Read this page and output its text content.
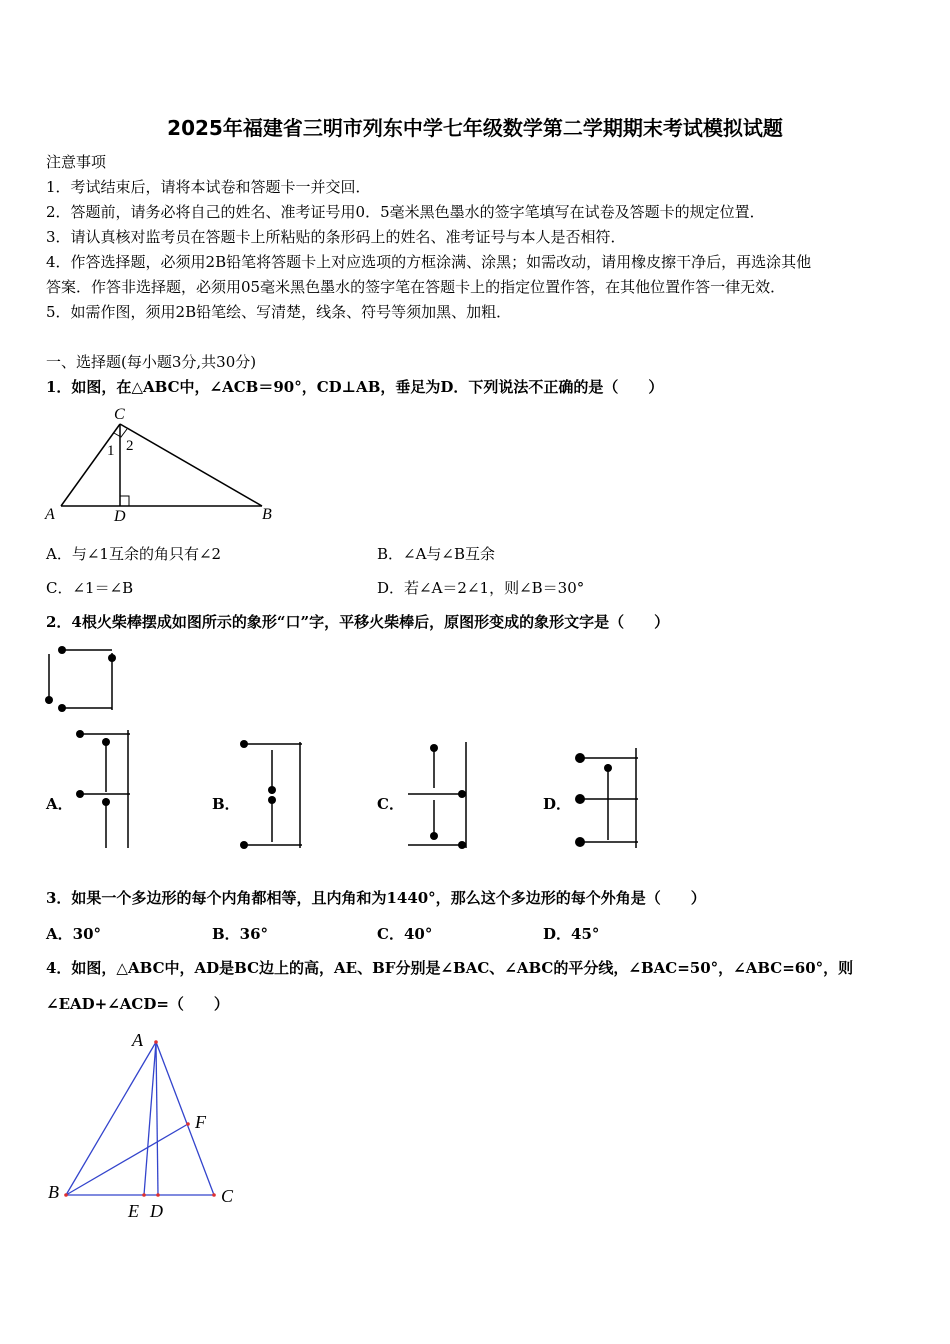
2025年福建省三明市列东中学七年级数学第二学期期末考试模拟试题
注意事项
1．考试结束后，请将本试卷和答题卡一并交回．
2．答题前，请务必将自己的姓名、准考证号用0．5毫米黑色墨水的签字笔填写在试卷及答题卡的规定位置．
3．请认真核对监考员在答题卡上所粘贴的条形码上的姓名、准考证号与本人是否相符．
4．作答选择题，必须用2B铅笔将答题卡上对应选项的方框涂满、涂黑；如需改动，请用橡皮擦干净后，再选涂其他
答案．作答非选择题，必须用05毫米黑色墨水的签字笔在答题卡上的指定位置作答，在其他位置作答一律无效．
5．如需作图，须用2B铅笔绘、写清楚，线条、符号等须加黑、加粗．
一、选择题(每小题3分,共30分)
1．如图，在△ABC中，∠ACB＝90°，CD⊥AB，垂足为D．下列说法不正确的是（　　）
C
A	D	B
1 2
A．与∠1互余的角只有∠2	B．∠A与∠B互余
C．∠1＝∠B	D．若∠A＝2∠1，则∠B＝30°
2．4根火柴棒摆成如图所示的象形“口”字，平移火柴棒后，原图形变成的象形文字是（　　）
A．	B．	C．	D．
3．如果一个多边形的每个内角都相等，且内角和为1440°，那么这个多边形的每个外角是（　　）
A．30°	B．36°	C．40°	D．45°
4．如图，△ABC中，AD是BC边上的高，AE、BF分别是∠BAC、∠ABC的平分线，∠BAC=50°，∠ABC=60°，则
∠EAD+∠ACD=（　　）
A
F
B	C
E D
